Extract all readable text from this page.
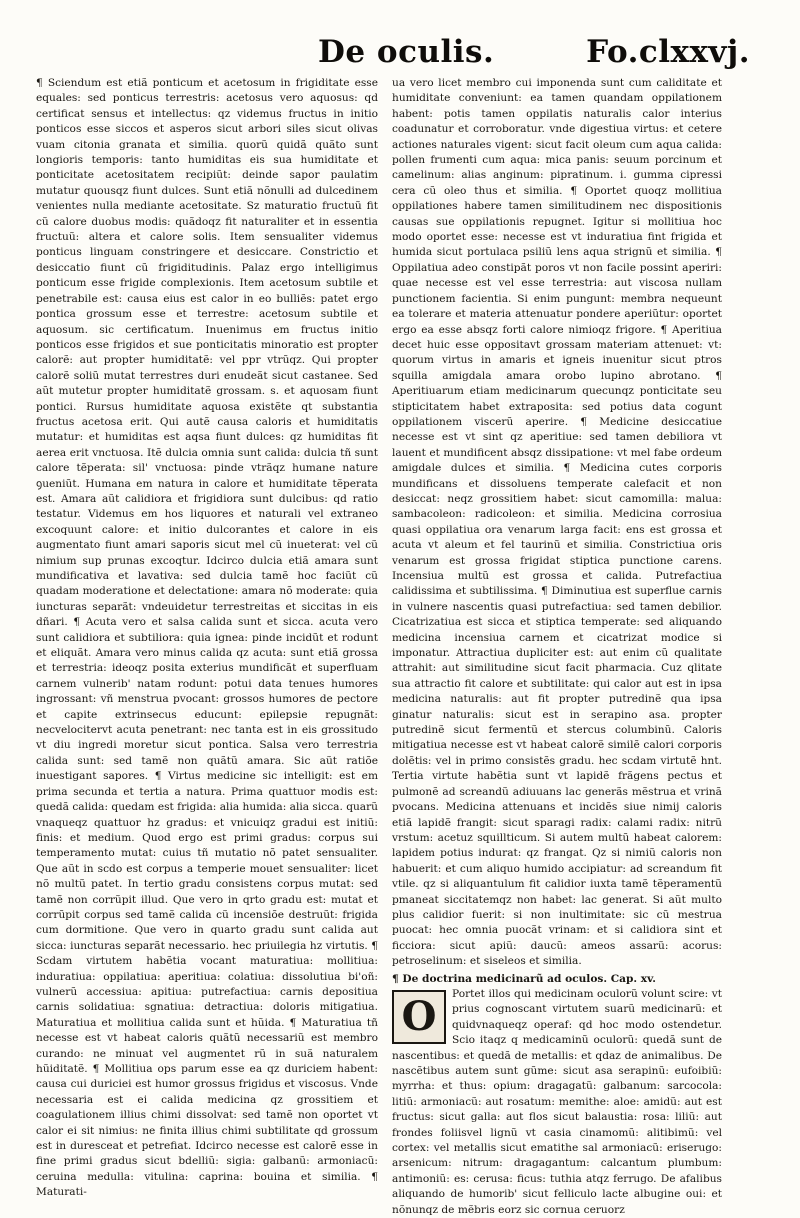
De oculis.	Fo.clxxvj.

¶ Sciendum est etiã ponticum et acetosum in frigiditate esse equales: sed ponticus terrestris: acetosus vero aquosus: qd certificat sensus et intellectus: qz videmus fructus in initio ponticos esse siccos et asperos sicut arbori siles sicut olivas vuam citonia granata et similia. quorũ quidã quãto sunt longioris temporis: tanto humiditas eis sua humiditate et ponticitate acetositatem recipiũt: deinde sapor paulatim mutatur quousqz fiunt dulces. Sunt etiã nõnulli ad dulcedinem venientes nulla mediante acetositate. Sz maturatio fructuũ fit cũ calore duobus modis: quãdoqz fit naturaliter et in essentia fructuũ: altera et calore solis. Item sensualiter videmus ponticus linguam constringere et desiccare. Constrictio et desiccatio fiunt cũ frigiditudinis. Palaz ergo intelligimus ponticum esse frigide complexionis. Item acetosum subtile et penetrabile est: causa eius est calor in eo bulliẽs: patet ergo pontica grossum esse et terrestre: acetosum subtile et aquosum. sic certificatum. Inuenimus em fructus initio ponticos esse frigidos et sue ponticitatis minoratio est propter calorẽ: aut propter humiditatẽ: vel ppr vtrũqz. Qui propter calorẽ soliũ mutat terrestres duri enudeãt sicut castanee. Sed aũt mutetur propter humiditatẽ grossam. s. et aquosam fiunt pontici. Rursus humiditate aquosa existẽte qt substantia fructus acetosa erit. Qui autẽ causa caloris et humiditatis mutatur: et humiditas est aqsa fiunt dulces: qz humiditas fit aerea erit vnctuosa. Itẽ dulcia omnia sunt calida: dulcia tñ sunt calore tẽperata: sil' vnctuosa: pinde vtrãqz humane nature ꝯueniũt. Humana em natura in calore et humiditate tẽperata est. Amara aũt calidiora et frigidiora sunt dulcibus: qd ratio testatur. Videmus em hos liquores et naturali vel extraneo excoquunt calore: et initio dulcorantes et calore in eis augmentato fiunt amari saporis sicut mel cũ inueterat: vel cũ nimium sup prunas excoqtur. Idcirco dulcia etiã amara sunt mundificativa et lavativa: sed dulcia tamẽ hoc faciũt cũ quadam moderatione et delectatione: amara nõ moderate: quia iuncturas separãt: vndeuidetur terrestreitas et siccitas in eis dñari. ¶ Acuta vero et salsa calida sunt et sicca. acuta vero sunt calidiora et subtiliora: quia ignea: pinde incidũt et rodunt et eliquãt. Amara vero minus calida qz acuta: sunt etiã grossa et terrestria: ideoqz posita exterius mundificãt et superfluam carnem vulnerib' natam rodunt: potui data tenues humores ingrossant: vñ menstrua pvocant: grossos humores de pectore et capite extrinsecus educunt: epilepsie repugnãt: necvelocitervt acuta penetrant: nec tanta est in eis grossitudo vt diu ingredi moretur sicut pontica. Salsa vero terrestria calida sunt: sed tamẽ non quãtũ amara. Sic aũt ratiõe inuestigant sapores. ¶ Virtus medicine sic intelligit: est em prima secunda et tertia a natura. Prima quattuor modis est: quedã calida: quedam est frigida: alia humida: alia sicca. quarũ vnaqueqz quattuor hz gradus: et vnicuiqz gradui est initiũ: finis: et medium. Quod ergo est primi gradus: corpus sui temperamento mutat: cuius tñ mutatio nõ patet sensualiter. Que aũt in scdo est corpus a temperie mouet sensualiter: licet nõ multũ patet. In tertio gradu consistens corpus mutat: sed tamẽ non corrũpit illud. Que vero in qrto gradu est: mutat et corrũpit corpus sed tamẽ calida cũ incensiõe destruũt: frigida cum dormitione. Que vero in quarto gradu sunt calida aut sicca: iuncturas separãt necessario. hec priuilegia hz virtutis. ¶ Scdam virtutem habẽtia vocant maturatiua: mollitiua: induratiua: oppilatiua: aperitiua: colatiua: dissolutiua bi'oñ: vulnerũ accessiua: apitiua: putrefactiua: carnis depositiua carnis solidatiua: sgnatiua: detractiua: doloris mitigatiua. Maturatiua et mollitiua calida sunt et hũida. ¶ Maturatiua tñ necesse est vt habeat caloris quãtũ necessariũ est membro curando: ne minuat vel augmentet rũ in suã naturalem hũiditatẽ. ¶ Mollitiua ops parum esse ea qz duriciem habent: causa cui duriciei est humor grossus frigidus et viscosus. Vnde necessaria est ei calida medicina qz grossitiem et coagulationem illius chimi dissolvat: sed tamẽ non oportet vt calor ei sit nimius: ne finita illius chimi subtilitate qd grossum est in duresceat et petrefiat. Idcirco necesse est calorẽ esse in fine primi gradus sicut bdelliũ: sigia: galbanũ: armoniacũ: ceruina medulla: vitulina: caprina: bouina et similia. ¶ Maturati-

ua vero licet membro cui imponenda sunt cum caliditate et humiditate conveniunt: ea tamen quandam oppilationem habent: potis tamen oppilatis naturalis calor interius coadunatur et corroboratur. vnde digestiua virtus: et cetere actiones naturales vigent: sicut facit oleum cum aqua calida: pollen frumenti cum aqua: mica panis: seuum porcinum et camelinum: alias anginum: pipratinum. i. gumma cipressi cera cũ oleo thus et similia. ¶ Oportet quoqz mollitiua oppilationes habere tamen similitudinem nec dispositionis causas sue oppilationis repugnet. Igitur si mollitiua hoc modo oportet esse: necesse est vt induratiua fint frigida et humida sicut portulaca psiliũ lens aqua strignũ et similia. ¶ Oppilatiua adeo constipãt poros vt non facile possint aperiri: quae necesse est vel esse terrestria: aut viscosa nullam punctionem facientia. Si enim pungunt: membra nequeunt ea tolerare et materia attenuatur pondere aperiũtur: oportet ergo ea esse absqz forti calore nimioqz frigore. ¶ Aperitiua decet huic esse oppositavt grossam materiam attenuet: vt: quorum virtus in amaris et igneis inuenitur sicut ptros squilla amigdala amara orobo lupino abrotano. ¶ Aperitiuarum etiam medicinarum quecunqz ponticitate seu stipticitatem habet extraposita: sed potius data cogunt oppilationem viscerũ aperire. ¶ Medicine desiccatiue necesse est vt sint qz aperitiue: sed tamen debiliora vt lauent et mundificent absqz dissipatione: vt mel fabe ordeum amigdale dulces et similia. ¶ Medicina cutes corporis mundificans et dissoluens temperate calefacit et non desiccat: neqz grossitiem habet: sicut camomilla: malua: sambacoleon: radicoleon: et similia. Medicina corrosiua quasi oppilatiua ora venarum larga facit: ens est grossa et acuta vt aleum et fel taurinũ et similia. Constrictiua oris venarum est grossa frigidat stiptica punctione carens. Incensiua multũ est grossa et calida. Putrefactiua calidissima et subtilissima. ¶ Diminutiua est superflue carnis in vulnere nascentis quasi putrefactiua: sed tamen debilior. Cicatrizatiua est sicca et stiptica temperate: sed aliquando medicina incensiua carnem et cicatrizat modice si imponatur. Attractiua dupliciter est: aut enim cũ qualitate attrahit: aut similitudine sicut facit pharmacia. Cuz qlitate sua attractio fit calore et subtilitate: qui calor aut est in ipsa medicina naturalis: aut fit propter putredinẽ qua ipsa ginatur naturalis: sicut est in serapino asa. propter putredinẽ sicut fermentũ et stercus columbinũ. Caloris mitigatiua necesse est vt habeat calorẽ similẽ calori corporis dolẽtis: vel in primo consistẽs gradu. hec scdam virtutẽ hnt. Tertia virtute habẽtia sunt vt lapidẽ frãgens pectus et pulmonẽ ad screandũ adiuuans lac generãs mẽstrua et vrinã pvocans. Medicina attenuans et incidẽs siue nimij caloris etiã lapidẽ frangit: sicut sparagi radix: calami radix: nitrũ vrstum: acetuz squillticum. Si autem multũ habeat calorem: lapidem potius indurat: qz frangat. Qz si nimiũ caloris non habuerit: et cum aliquo humido accipiatur: ad screandum fit vtile. qz si aliquantulum fit calidior iuxta tamẽ tẽperamentũ pmaneat siccitatemqz non habet: lac generat. Si aũt multo plus calidior fuerit: si non inultimitate: sic cũ mestrua puocat: hec omnia puocãt vrinam: et si calidiora sint et ficciora: sicut apiũ: daucũ: ameos assarũ: acorus: petroselinum: et siseleos et similia.

¶ De doctrina medicinarũ ad oculos. Cap. xv.

O Portet illos qui medicinam oculorũ volunt scire: vt prius cognoscant virtutem suarũ medicinarũ: et quidvnaqueqz operaf: qd hoc modo ostendetur. Scio itaqz q medicaminũ oculorũ: quedã sunt de nascentibus: et quedã de metallis: et qdaz de animalibus. De nascẽtibus autem sunt gũme: sicut asa serapinũ: eufoibiũ: myrrha: et thus: opium: dragagatũ: galbanum: sarcocola: litiũ: armoniacũ: aut rosatum: memithe: aloe: amidũ: aut est fructus: sicut galla: aut flos sicut balaustia: rosa: liliũ: aut frondes foliisvel lignũ vt casia cinamomũ: alitibimũ: vel cortex: vel metallis sicut ematithe sal armoniacũ: eriserugo: arsenicum: nitrum: dragagantum: calcantum plumbum: antimoniũ: es: cerusa: ficus: tuthia atqz ferrugo. De afalibus aliquando de humorib' sicut felliculo lacte albugine oui: et nõnunqz de mẽbris eorz sic cornua ceruorz
